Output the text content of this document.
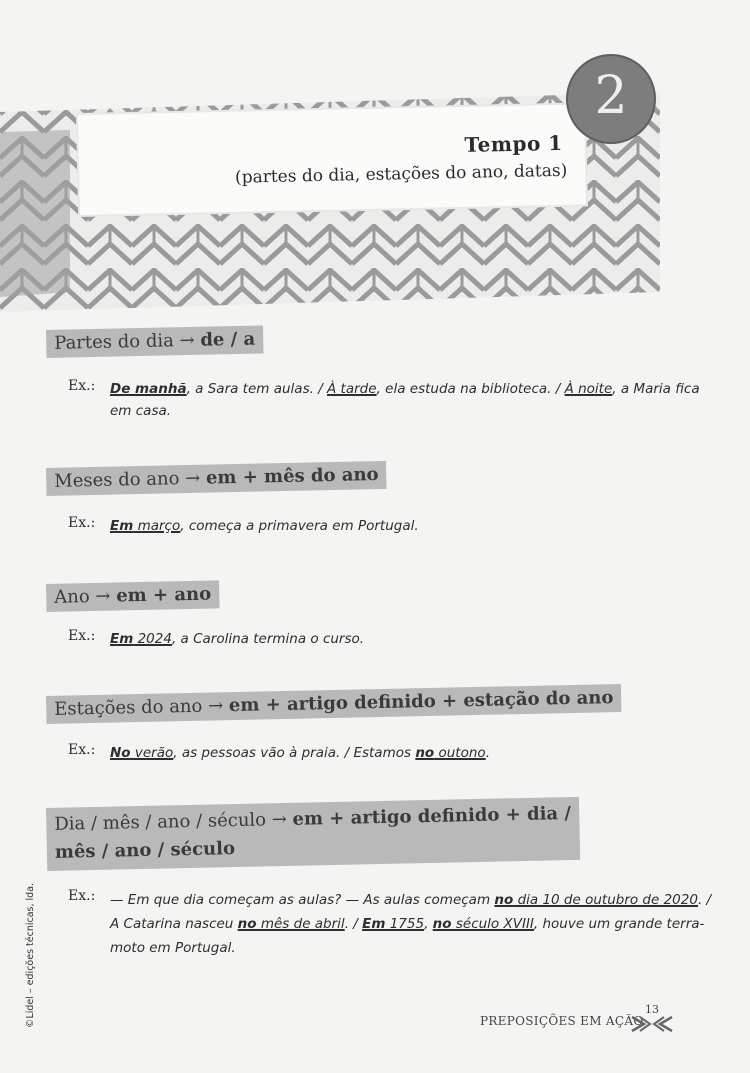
Tempo 1
(partes do dia, estações do ano, datas)
2
Partes do dia → de / a
Ex.: De manhã, a Sara tem aulas. / À tarde, ela estuda na biblioteca. / À noite, a Maria fica
em casa.
Meses do ano → em + mês do ano
Ex.: Em março, começa a primavera em Portugal.
Ano → em + ano
Ex.: Em 2024, a Carolina termina o curso.
Estações do ano → em + artigo definido + estação do ano
Ex.: No verão, as pessoas vão à praia. / Estamos no outono.
Dia / mês / ano / século → em + artigo definido + dia /
mês / ano / século
Ex.: — Em que dia começam as aulas? — As aulas começam no dia 10 de outubro de 2020. /
A Catarina nasceu no mês de abril. / Em 1755, no século XVIII, houve um grande terra-
moto em Portugal.
©Lidel – edições técnicas, lda.	PREPOSIÇÕES EM AÇÃO
13
